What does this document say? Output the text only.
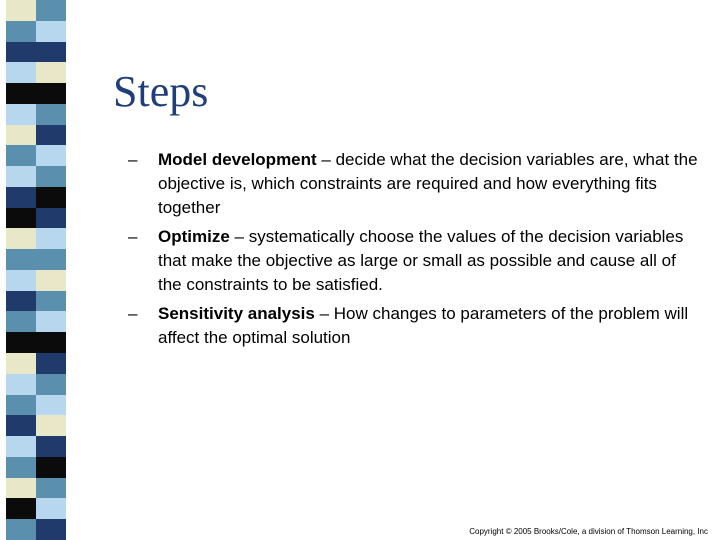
Steps
– Model development – decide what the decision variables are, what the objective is, which constraints are required and how everything fits together
– Optimize – systematically choose the values of the decision variables that make the objective as large or small as possible and cause all of the constraints to be satisfied.
– Sensitivity analysis – How changes to parameters of the problem will affect the optimal solution
Copyright © 2005 Brooks/Cole, a division of Thomson Learning, Inc
